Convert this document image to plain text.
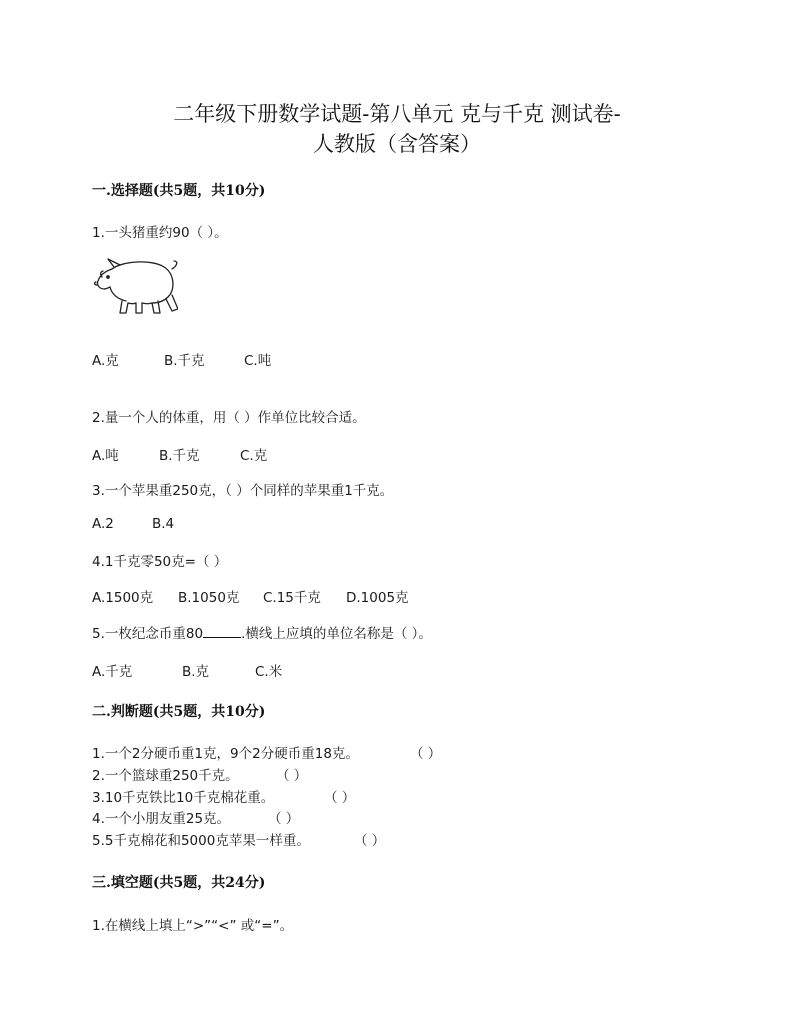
二年级下册数学试题-第八单元 克与千克 测试卷-
人教版（含答案）
一.选择题(共5题，共10分)
1.一头猪重约90（ ）。
A.克	B.千克	C.吨
2.量一个人的体重，用（ ）作单位比较合适。
A.吨	B.千克	C.克
3.一个苹果重250克，（ ）个同样的苹果重1千克。
A.2	B.4
4.1千克零50克=（ ）
A.1500克 B.1050克 C.15千克 D.1005克
5.一枚纪念币重80	.横线上应填的单位名称是（ ）。
A.千克	B.克	C.米
二.判断题(共5题，共10分)
1.一个2分硬币重1克，9个2分硬币重18克。	（ ）
2.一个篮球重250千克。	（ ）
3.10千克铁比10千克棉花重。	（ ）
4.一个小朋友重25克。	（ ）
5.5千克棉花和5000克苹果一样重。	（ ）
三.填空题(共5题，共24分)
1.在横线上填上“>”“<” 或“=”。
